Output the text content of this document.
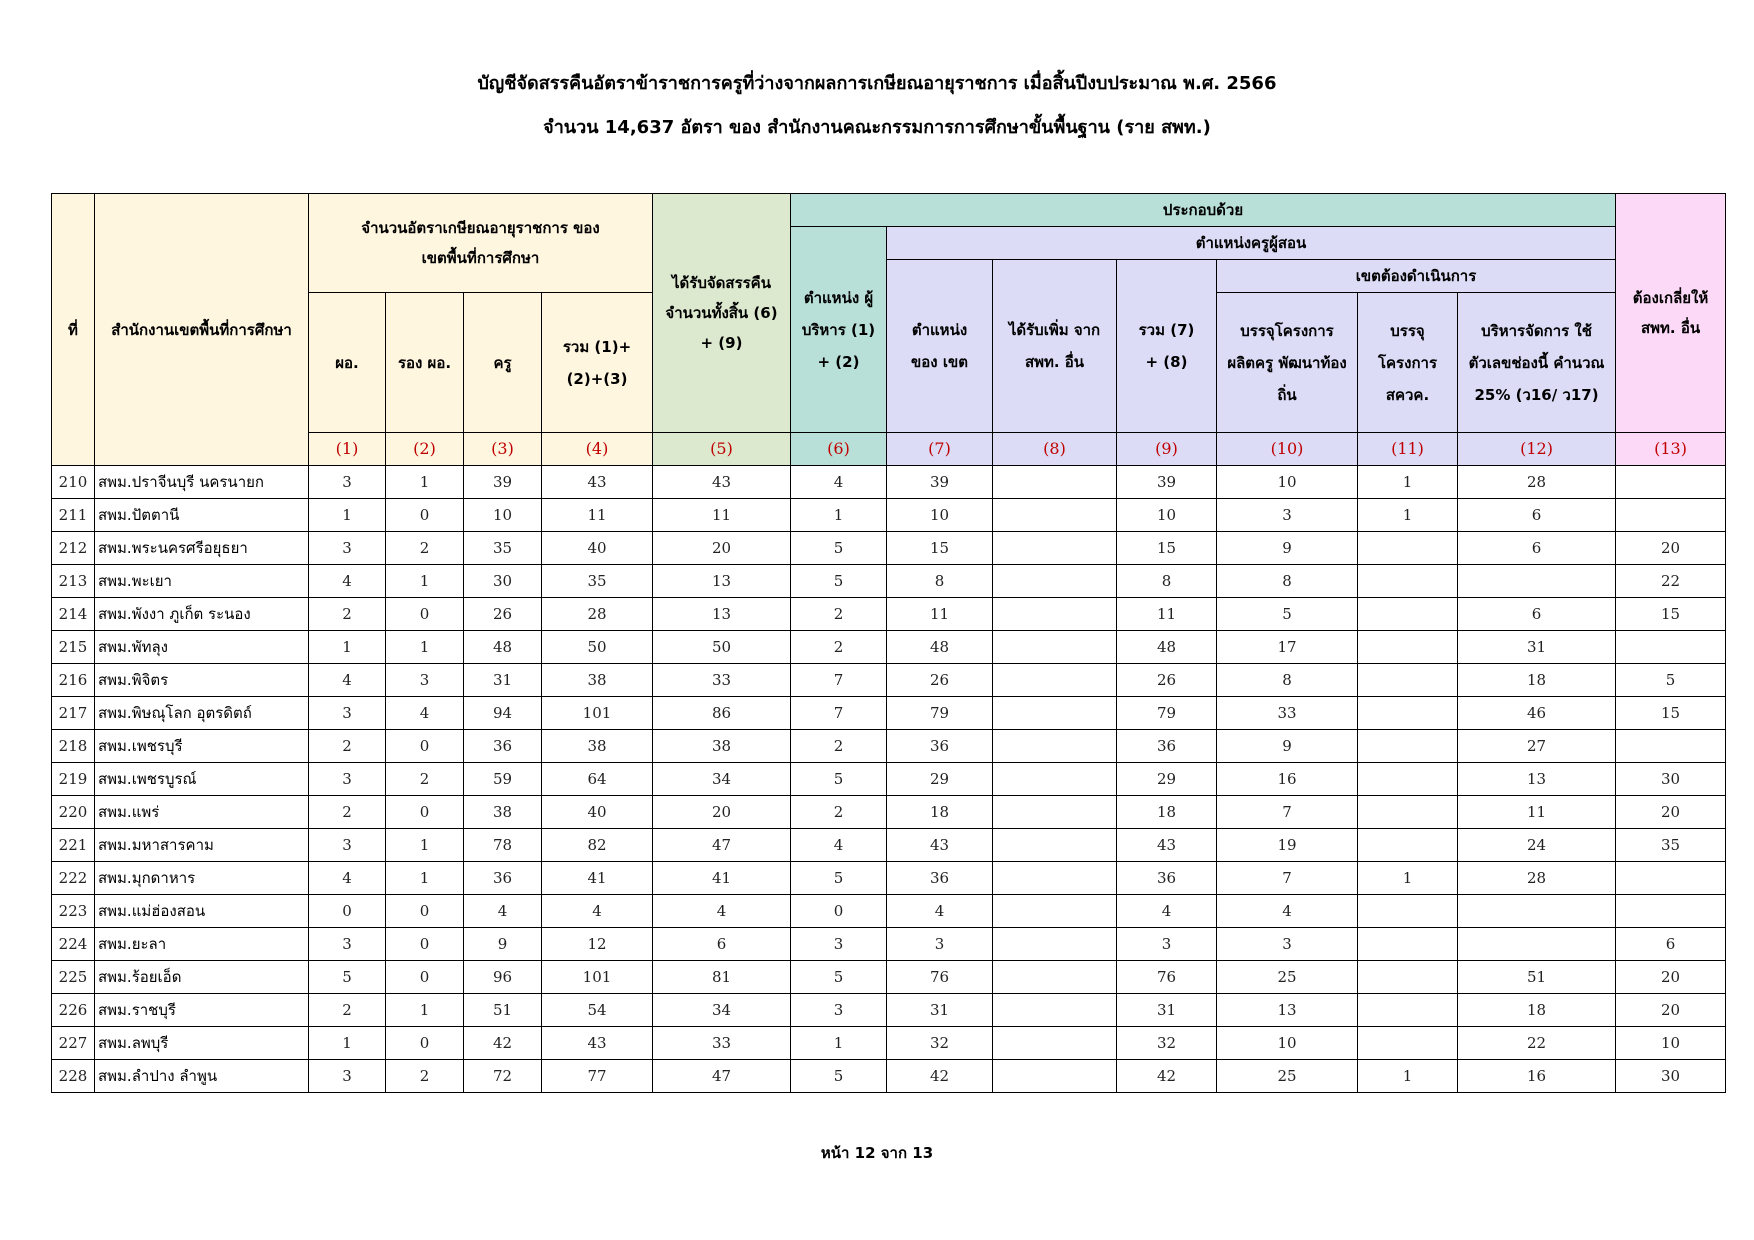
บัญชีจัดสรรคืนอัตราข้าราชการครูที่ว่างจากผลการเกษียณอายุราชการ เมื่อสิ้นปีงบประมาณ พ.ศ. 2566
จำนวน 14,637 อัตรา ของ สำนักงานคณะกรรมการการศึกษาขั้นพื้นฐาน (ราย สพท.)
ที่	สำนักงานเขตพื้นที่การศึกษา	จำนวนอัตราเกษียณอายุราชการ ของเขตพื้นที่การศึกษา				ได้รับจัดสรรคืน จำนวนทั้งสิ้น (6) + (9)	ประกอบด้วย							ต้องเกลี่ยให้ สพท. อื่น
							ตำแหน่ง ผู้บริหาร (1) + (2)	ตำแหน่งครูผู้สอน						
								ตำแหน่งของ เขต	ได้รับเพิ่ม จาก สพท. อื่น	รวม (7) + (8)	เขตต้องดำเนินการ			
		ผอ.	รอง ผอ.	ครู	รวม (1)+(2)+(3)						บรรจุโครงการ ผลิตครู พัฒนาท้องถิ่น	บรรจุ โครงการ สควค.	บริหารจัดการ ใช้ตัวเลขช่องนี้ คำนวณ 25% (ว16/ ว17)	
		(1)	(2)	(3)	(4)	(5)	(6)	(7)	(8)	(9)	(10)	(11)	(12)	(13)
210	สพม.ปราจีนบุรี นครนายก	3	1	39	43	43	4	39		39	10	1	28	
211	สพม.ปัตตานี	1	0	10	11	11	1	10		10	3	1	6	
212	สพม.พระนครศรีอยุธยา	3	2	35	40	20	5	15		15	9		6	20
213	สพม.พะเยา	4	1	30	35	13	5	8		8	8			22
214	สพม.พังงา ภูเก็ต ระนอง	2	0	26	28	13	2	11		11	5		6	15
215	สพม.พัทลุง	1	1	48	50	50	2	48		48	17		31	
216	สพม.พิจิตร	4	3	31	38	33	7	26		26	8		18	5
217	สพม.พิษณุโลก อุตรดิตถ์	3	4	94	101	86	7	79		79	33		46	15
218	สพม.เพชรบุรี	2	0	36	38	38	2	36		36	9		27	
219	สพม.เพชรบูรณ์	3	2	59	64	34	5	29		29	16		13	30
220	สพม.แพร่	2	0	38	40	20	2	18		18	7		11	20
221	สพม.มหาสารคาม	3	1	78	82	47	4	43		43	19		24	35
222	สพม.มุกดาหาร	4	1	36	41	41	5	36		36	7	1	28	
223	สพม.แม่ฮ่องสอน	0	0	4	4	4	0	4		4	4			
224	สพม.ยะลา	3	0	9	12	6	3	3		3	3			6
225	สพม.ร้อยเอ็ด	5	0	96	101	81	5	76		76	25		51	20
226	สพม.ราชบุรี	2	1	51	54	34	3	31		31	13		18	20
227	สพม.ลพบุรี	1	0	42	43	33	1	32		32	10		22	10
228	สพม.ลำปาง ลำพูน	3	2	72	77	47	5	42		42	25	1	16	30
หน้า 12 จาก 13
